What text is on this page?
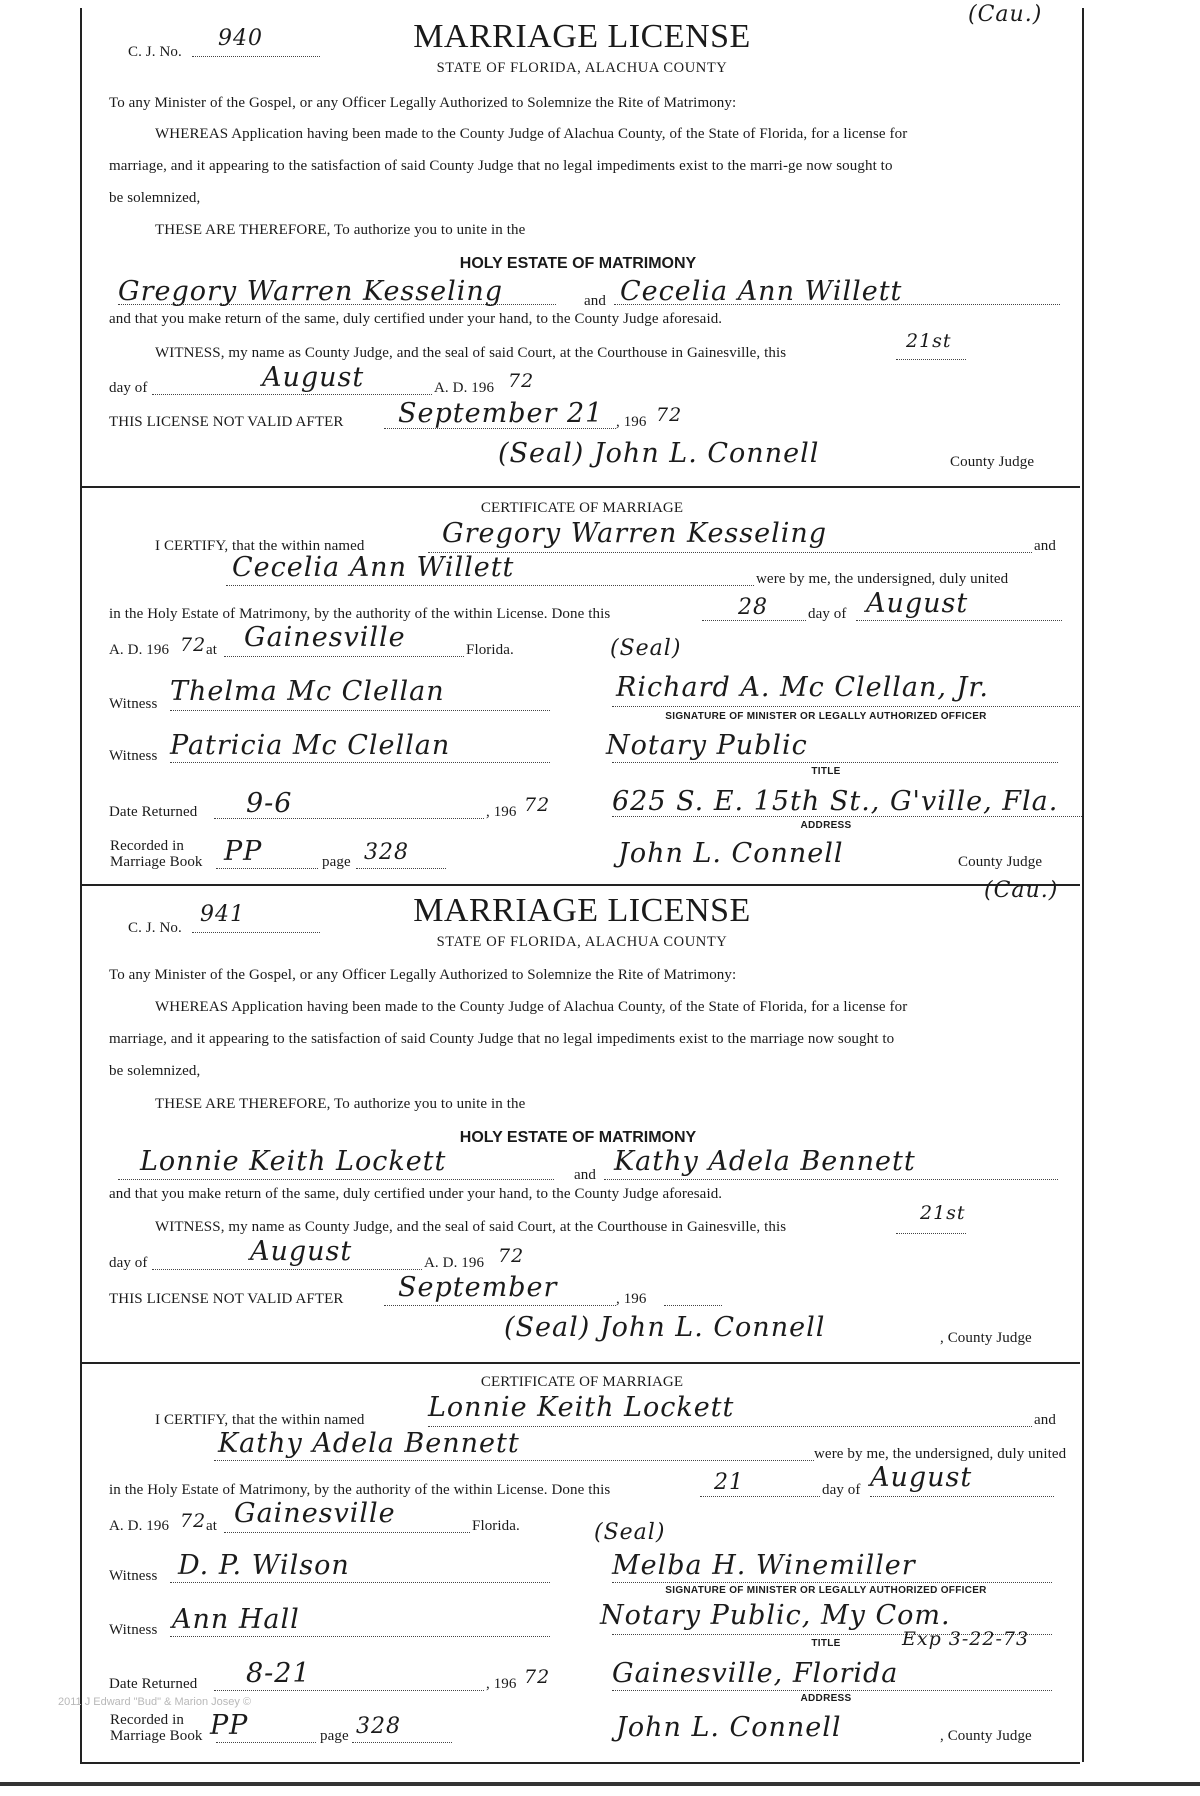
(Cau.)
C. J. No.
940	MARRIAGE LICENSE
STATE OF FLORIDA, ALACHUA COUNTY
To any Minister of the Gospel, or any Officer Legally Authorized to Solemnize the Rite of Matrimony:
WHEREAS Application having been made to the County Judge of Alachua County, of the State of Florida, for a license for
marriage, and it appearing to the satisfaction of said County Judge that no legal impediments exist to the marri-ge now sought to
be solemnized,
THESE ARE THEREFORE, To authorize you to unite in the
HOLY ESTATE OF MATRIMONY
Gregory Warren Kesseling	and Cecelia Ann Willett
and that you make return of the same, duly certified under your hand, to the County Judge aforesaid.
WITNESS, my name as County Judge, and the seal of said Court, at the Courthouse in Gainesville, this
21st
day of	August	A. D. 196 72
THIS LICENSE NOT VALID AFTER September 21 , 196 72
(Seal) John L. Connell	County Judge
CERTIFICATE OF MARRIAGE
I CERTIFY, that the within named	Gregory Warren Kesseling	and
Cecelia Ann Willett	were by me, the undersigned, duly united
in the Holy Estate of Matrimony, by the authority of the within License. Done this	28	day of August
A. D. 196 72 at Gainesville	Florida.	(Seal)
Witness Thelma Mc Clellan	Richard A. Mc Clellan, Jr.
SIGNATURE OF MINISTER OR LEGALLY AUTHORIZED OFFICER
Witness Patricia Mc Clellan	Notary Public
TITLE
Date Returned 9-6	, 196 72 625 S. E. 15th St., G'ville, Fla.
ADDRESS
Recorded in
Marriage Book PP	page 328	John L. Connell	County Judge
(Cau.)
C. J. No.
941	MARRIAGE LICENSE
STATE OF FLORIDA, ALACHUA COUNTY
To any Minister of the Gospel, or any Officer Legally Authorized to Solemnize the Rite of Matrimony:
WHEREAS Application having been made to the County Judge of Alachua County, of the State of Florida, for a license for
marriage, and it appearing to the satisfaction of said County Judge that no legal impediments exist to the marriage now sought to
be solemnized,
THESE ARE THEREFORE, To authorize you to unite in the
HOLY ESTATE OF MATRIMONY
Lonnie Keith Lockett	and Kathy Adela Bennett
and that you make return of the same, duly certified under your hand, to the County Judge aforesaid.
WITNESS, my name as County Judge, and the seal of said Court, at the Courthouse in Gainesville, this
21st
day of	August	A. D. 196 72
THIS LICENSE NOT VALID AFTER September	, 196
(Seal) John L. Connell	, County Judge
CERTIFICATE OF MARRIAGE
I CERTIFY, that the within named Lonnie Keith Lockett	and
Kathy Adela Bennett	were by me, the undersigned, duly united
in the Holy Estate of Matrimony, by the authority of the within License. Done this	21	day of August
A. D. 196 72 at Gainesville	Florida.	(Seal)
Witness D. P. Wilson	Melba H. Winemiller
SIGNATURE OF MINISTER OR LEGALLY AUTHORIZED OFFICER
Witness Ann Hall	Notary Public, My Com.
Exp 3-22-73
TITLE
Date Returned 8-21	, 196 72 Gainesville, Florida
ADDRESS
2011 J Edward "Bud" & Marion Josey ©
Recorded in
Marriage Book PP	page 328	John L. Connell	, County Judge
